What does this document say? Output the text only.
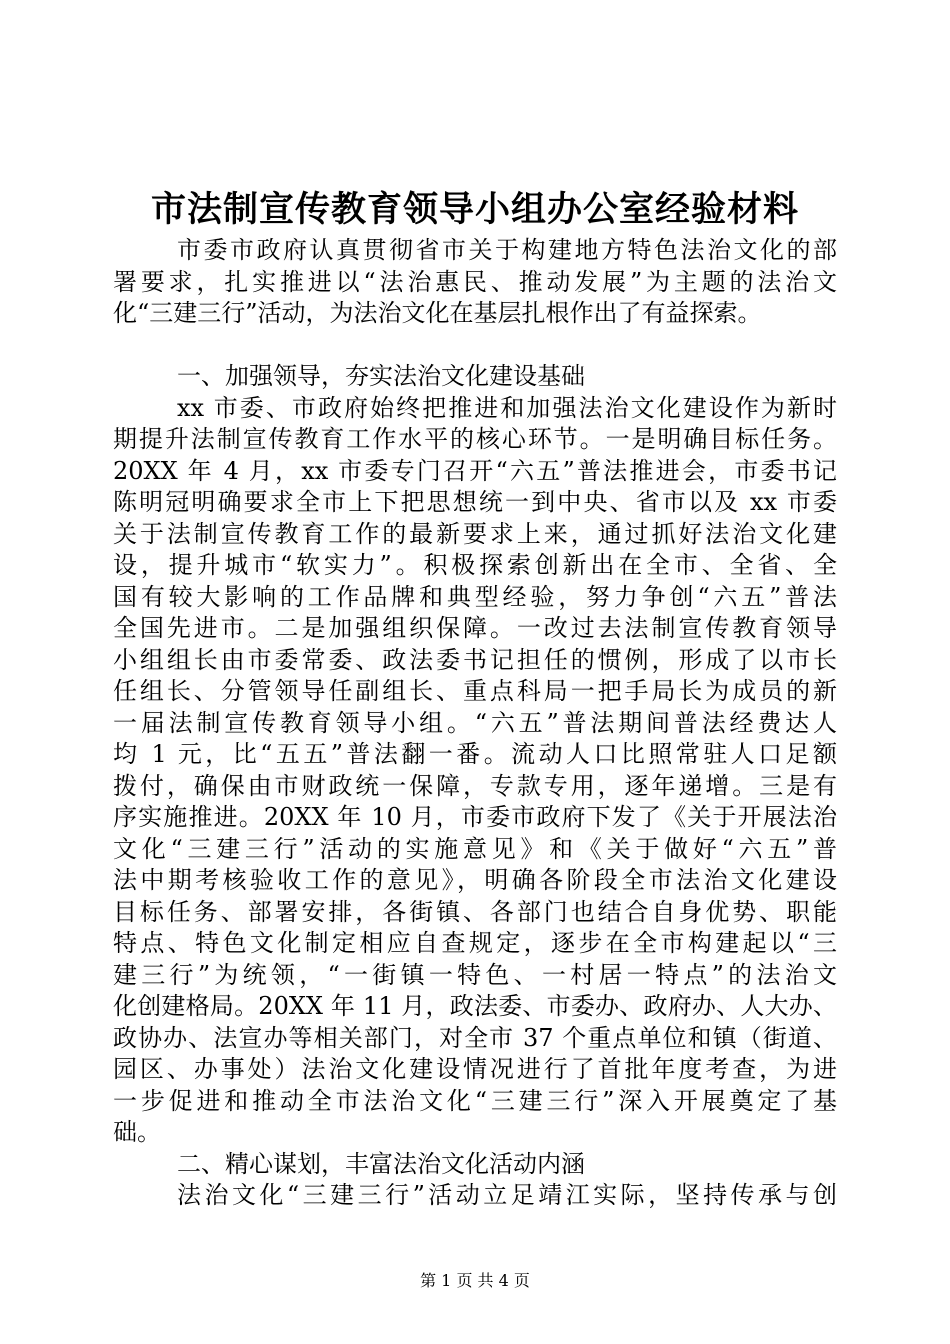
市法制宣传教育领导小组办公室经验材料
市委市政府认真贯彻省市关于构建地方特色法治文化的部
署要求，扎实推进以“法治惠民、推动发展”为主题的法治文
化“三建三行”活动，为法治文化在基层扎根作出了有益探索。
一、加强领导，夯实法治文化建设基础
xx 市委、市政府始终把推进和加强法治文化建设作为新时
期提升法制宣传教育工作水平的核心环节。一是明确目标任务。
20XX 年 4 月，xx 市委专门召开“六五”普法推进会，市委书记
陈明冠明确要求全市上下把思想统一到中央、省市以及 xx 市委
关于法制宣传教育工作的最新要求上来，通过抓好法治文化建
设，提升城市“软实力”。积极探索创新出在全市、全省、全
国有较大影响的工作品牌和典型经验，努力争创“六五”普法
全国先进市。二是加强组织保障。一改过去法制宣传教育领导
小组组长由市委常委、政法委书记担任的惯例，形成了以市长
任组长、分管领导任副组长、重点科局一把手局长为成员的新
一届法制宣传教育领导小组。“六五”普法期间普法经费达人
均 1 元，比“五五”普法翻一番。流动人口比照常驻人口足额
拨付，确保由市财政统一保障，专款专用，逐年递增。三是有
序实施推进。20XX 年 10 月，市委市政府下发了《关于开展法治
文化“三建三行”活动的实施意见》和《关于做好“六五”普
法中期考核验收工作的意见》，明确各阶段全市法治文化建设
目标任务、部署安排，各街镇、各部门也结合自身优势、职能
特点、特色文化制定相应自查规定，逐步在全市构建起以“三
建三行”为统领，“一街镇一特色、一村居一特点”的法治文
化创建格局。20XX 年 11 月，政法委、市委办、政府办、人大办、
政协办、法宣办等相关部门，对全市 37 个重点单位和镇（街道、
园区、办事处）法治文化建设情况进行了首批年度考查，为进
一步促进和推动全市法治文化“三建三行”深入开展奠定了基
础。
二、精心谋划，丰富法治文化活动内涵
法治文化“三建三行”活动立足靖江实际，坚持传承与创
第 1 页 共 4 页
